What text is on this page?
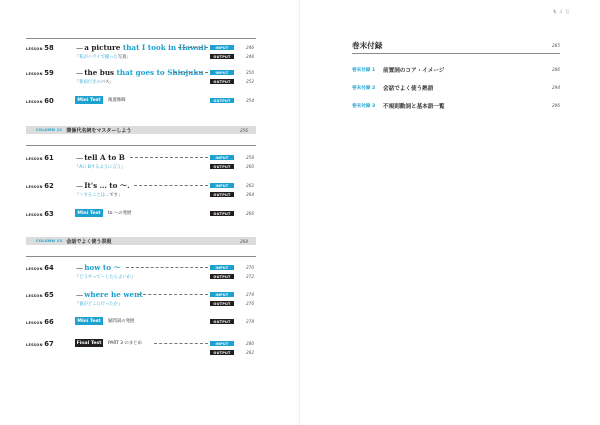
LESSON 58	—a picture that I took in Hawaii	INPUT	246
「私がハワイで撮った写真」	OUTPUT	248
LESSON 59	—the bus that goes to Shinjuku	INPUT	250
「新宿行きのバス」	OUTPUT	252
LESSON 60	Mini Test	後置修飾	OUTPUT	254
COLUMN 12 関係代名詞をマスターしよう	256
LESSON 61	—tell A to B	INPUT	258
「Aに Bするように言う」	OUTPUT	260
LESSON 62	—It's … to ～.	INPUT	262
「～することは…です」	OUTPUT	264
LESSON 63	Mini Test	to ～の発展	OUTPUT	266
COLUMN 13 会話でよく使う表現	268
LESSON 64	—how to ～	INPUT	270
「どうやって～したらよいか」	OUTPUT	272
LESSON 65	—where he went	INPUT	274
「彼がどこに行ったか」	OUTPUT	276
LESSON 66	Mini Test	疑問詞の発展	OUTPUT	278
LESSON 67	Final Test	PART 3 のまとめ	INPUT	280
OUTPUT	282
もくじ
巻末付録	285
巻末付録 1 前置詞のコア・イメージ	286
巻末付録 2 会話でよく使う熟語	294
巻末付録 3 不規則動詞と基本語一覧	296
